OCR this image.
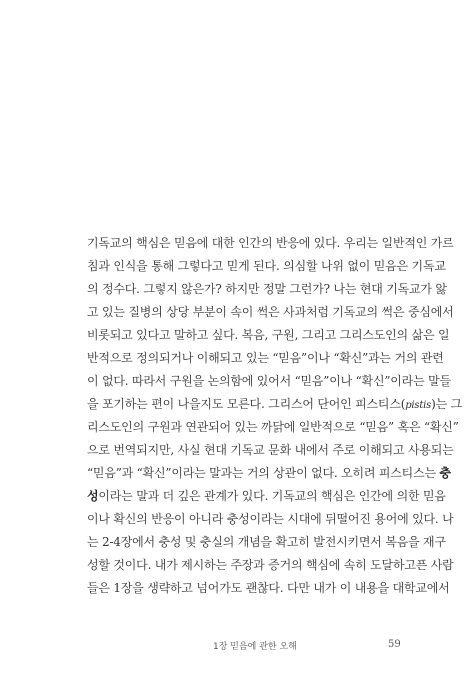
기독교의 핵심은 믿음에 대한 인간의 반응에 있다. 우리는 일반적인 가르
침과 인식을 통해 그렇다고 믿게 된다. 의심할 나위 없이 믿음은 기독교
의 정수다. 그렇지 않은가? 하지만 정말 그런가? 나는 현대 기독교가 앓
고 있는 질병의 상당 부분이 속이 썩은 사과처럼 기독교의 썩은 중심에서
비롯되고 있다고 말하고 싶다. 복음, 구원, 그리고 그리스도인의 삶은 일
반적으로 정의되거나 이해되고 있는 “믿음”이나 “확신”과는 거의 관련
이 없다. 따라서 구원을 논의함에 있어서 “믿음”이나 “확신”이라는 말들
을 포기하는 편이 나을지도 모른다. 그리스어 단어인 피스티스(pistis)는 그
리스도인의 구원과 연관되어 있는 까닭에 일반적으로 “믿음” 혹은 “확신”
으로 번역되지만, 사실 현대 기독교 문화 내에서 주로 이해되고 사용되는
“믿음”과 “확신”이라는 말과는 거의 상관이 없다. 오히려 피스티스는 충
성이라는 말과 더 깊은 관계가 있다. 기독교의 핵심은 인간에 의한 믿음
이나 확신의 반응이 아니라 충성이라는 시대에 뒤떨어진 용어에 있다. 나
는 2-4장에서 충성 및 충실의 개념을 확고히 발전시키면서 복음을 재구
성할 것이다. 내가 제시하는 주장과 증거의 핵심에 속히 도달하고픈 사람
들은 1장을 생략하고 넘어가도 괜찮다. 다만 내가 이 내용을 대학교에서
1장 믿음에 관한 오해	59
